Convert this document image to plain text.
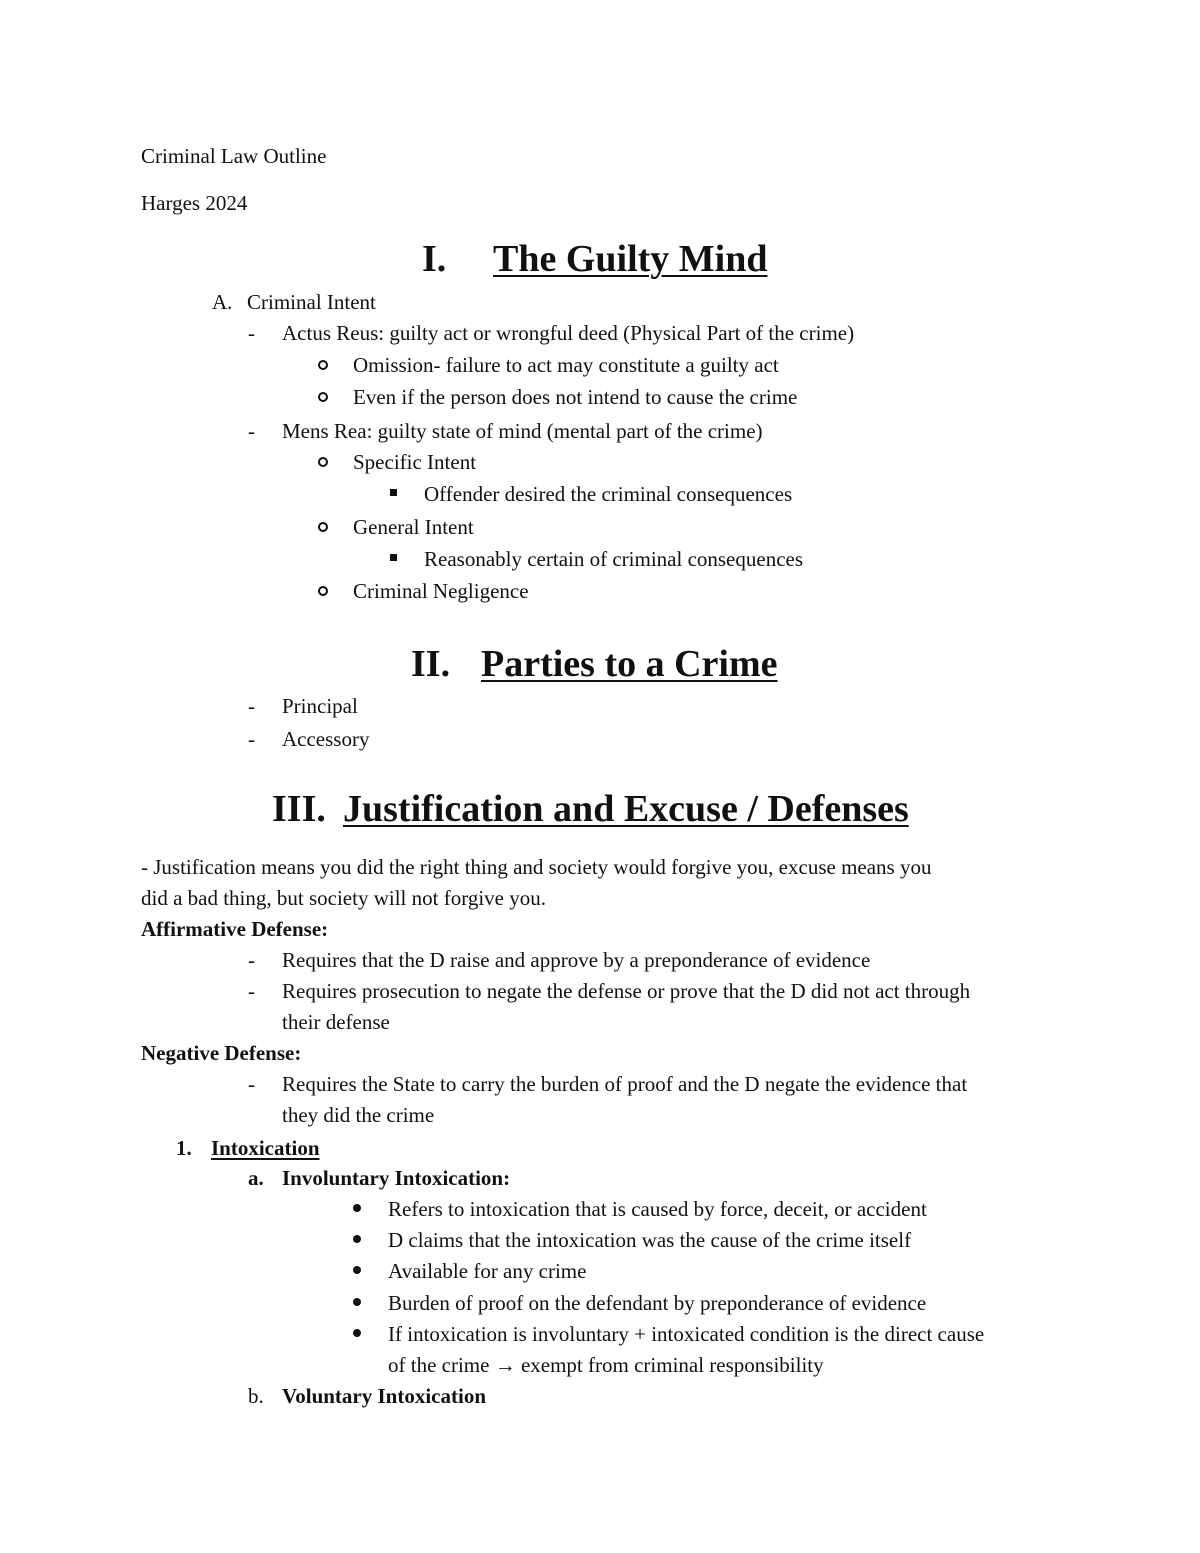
Criminal Law Outline
Harges 2024
I. The Guilty Mind
A. Criminal Intent
- Actus Reus: guilty act or wrongful deed (Physical Part of the crime)
Omission- failure to act may constitute a guilty act
Even if the person does not intend to cause the crime
- Mens Rea: guilty state of mind (mental part of the crime)
Specific Intent
Offender desired the criminal consequences
General Intent
Reasonably certain of criminal consequences
Criminal Negligence
II. Parties to a Crime
- Principal
- Accessory
III. Justification and Excuse / Defenses
- Justification means you did the right thing and society would forgive you, excuse means you
did a bad thing, but society will not forgive you.
Affirmative Defense:
- Requires that the D raise and approve by a preponderance of evidence
- Requires prosecution to negate the defense or prove that the D did not act through
their defense
Negative Defense:
- Requires the State to carry the burden of proof and the D negate the evidence that
they did the crime
1. Intoxication
a. Involuntary Intoxication:
Refers to intoxication that is caused by force, deceit, or accident
D claims that the intoxication was the cause of the crime itself
Available for any crime
Burden of proof on the defendant by preponderance of evidence
If intoxication is involuntary + intoxicated condition is the direct cause
of the crime → exempt from criminal responsibility
b. Voluntary Intoxication
